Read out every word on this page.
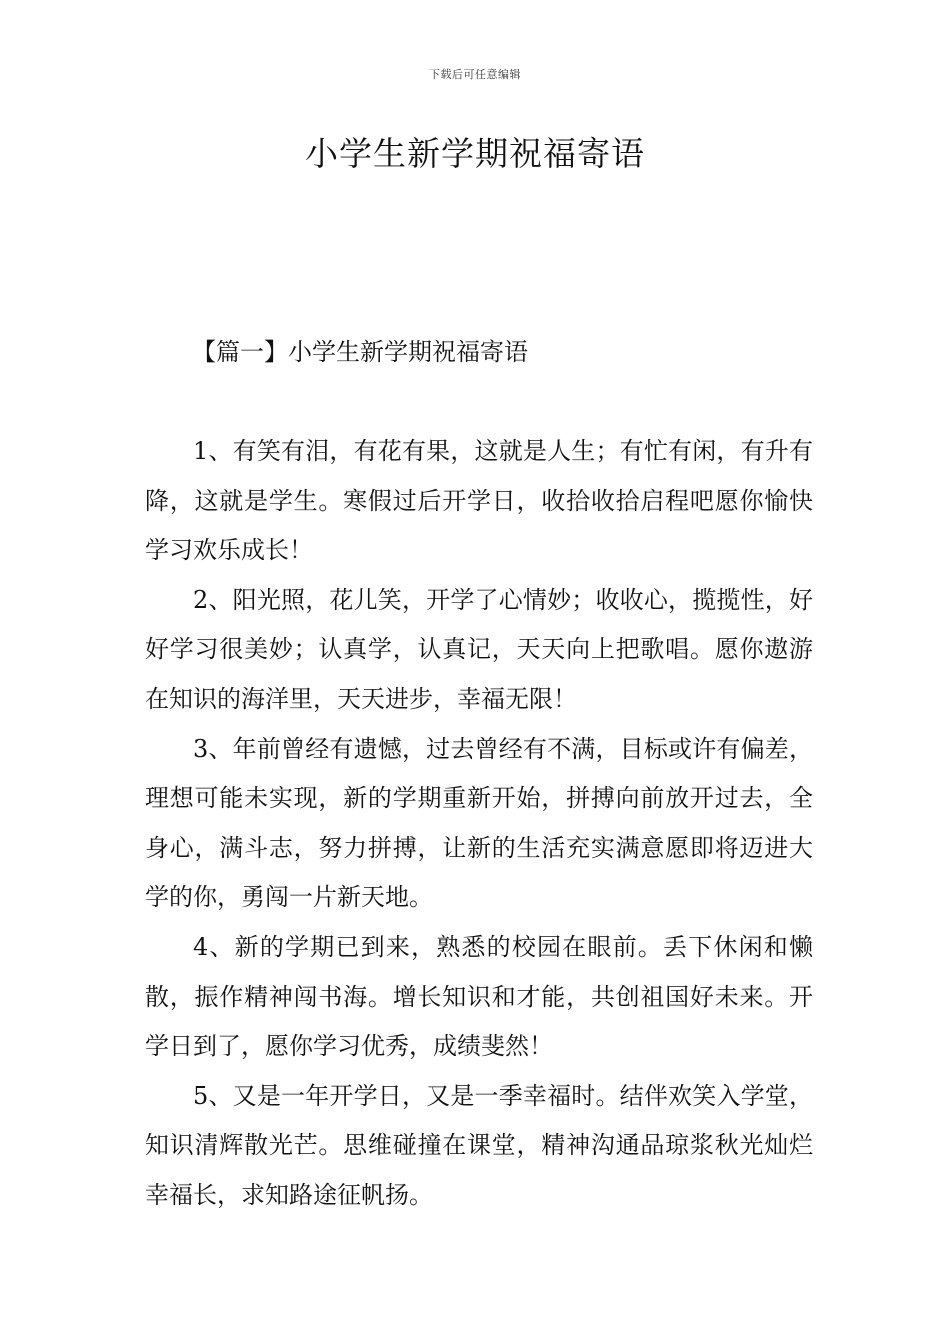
下载后可任意编辑
小学生新学期祝福寄语
【篇一】小学生新学期祝福寄语

1、有笑有泪，有花有果，这就是人生；有忙有闲，有升有降，这就是学生。寒假过后开学日，收拾收拾启程吧愿你愉快学习欢乐成长！

2、阳光照，花儿笑，开学了心情妙；收收心，揽揽性，好好学习很美妙；认真学，认真记，天天向上把歌唱。愿你遨游在知识的海洋里，天天进步，幸福无限！

3、年前曾经有遗憾，过去曾经有不满，目标或许有偏差，理想可能未实现，新的学期重新开始，拼搏向前放开过去，全身心，满斗志，努力拼搏，让新的生活充实满意愿即将迈进大学的你，勇闯一片新天地。

4、新的学期已到来，熟悉的校园在眼前。丢下休闲和懒散，振作精神闯书海。增长知识和才能，共创祖国好未来。开学日到了，愿你学习优秀，成绩斐然！

5、又是一年开学日，又是一季幸福时。结伴欢笑入学堂，知识清辉散光芒。思维碰撞在课堂，精神沟通品琼浆秋光灿烂幸福长，求知路途征帆扬。
